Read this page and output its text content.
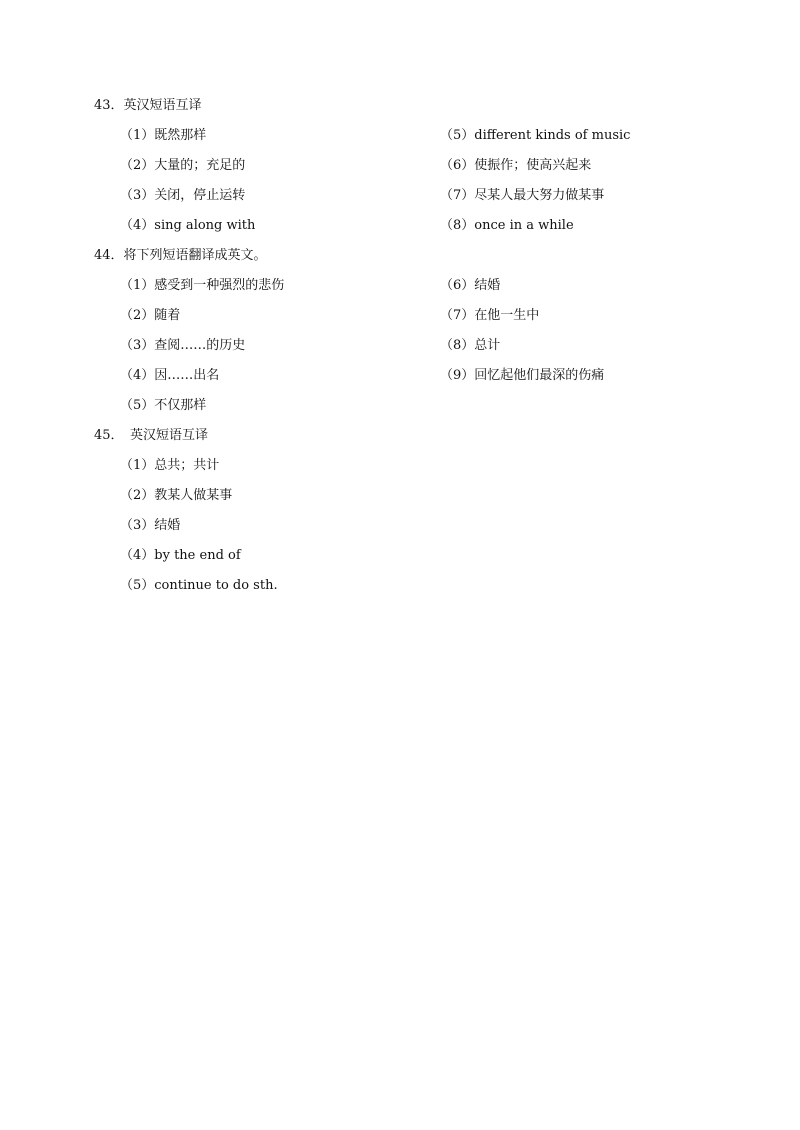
43．英汉短语互译
（1）既然那样
（2）大量的；充足的
（3）关闭，停止运转
（4）sing along with
（5）different kinds of music
（6）使振作；使高兴起来
（7）尽某人最大努力做某事
（8）once in a while
44．将下列短语翻译成英文。
（1）感受到一种强烈的悲伤
（2）随着
（3）查阅……的历史
（4）因……出名
（5）不仅那样
（6）结婚
（7）在他一生中
（8）总计
（9）回忆起他们最深的伤痛
45．　英汉短语互译
（1）总共；共计
（2）教某人做某事
（3）结婚
（4）by the end of
（5）continue to do sth.
